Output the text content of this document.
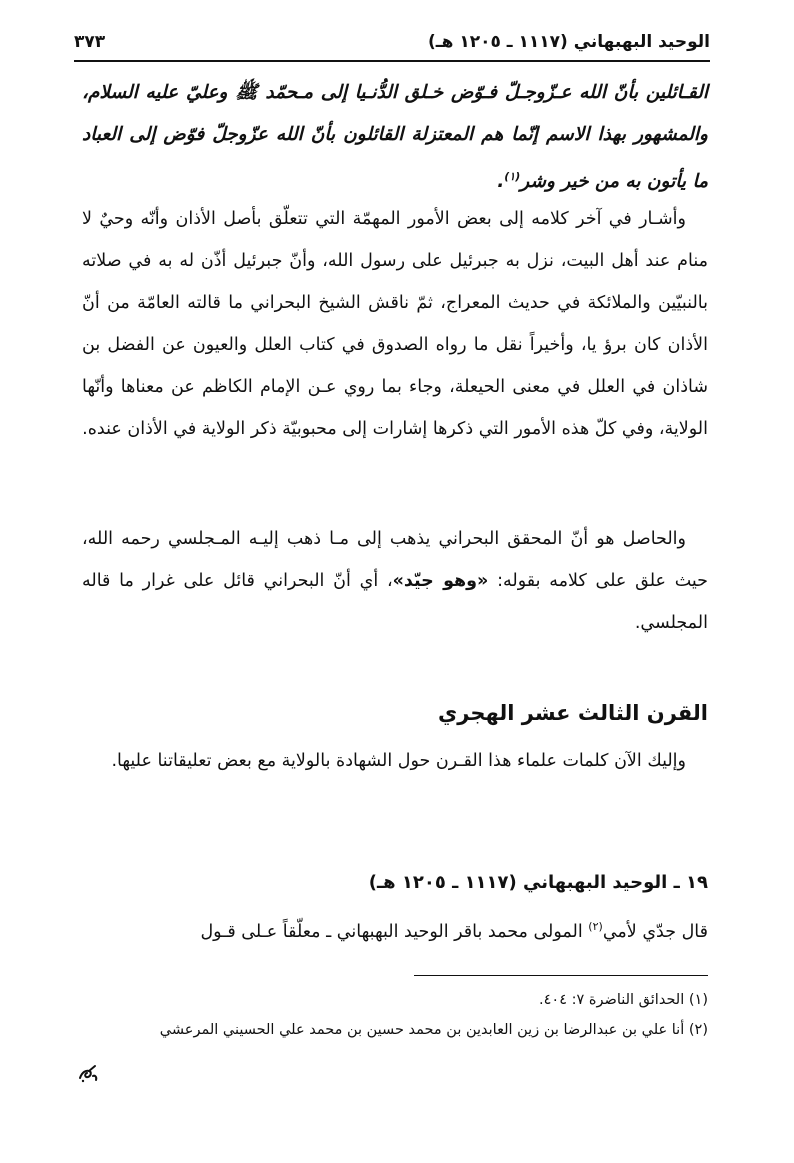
الوحيد البهبهاني (١١١٧ ـ ١٢٠٥ هـ)
٣٧٣
القـائلين بأنّ الله عـزّوجـلّ فـوّض خـلق الدُّنـيا إلى مـحمّد ﷺ وعليّ عليه السلام، والمشهور بهذا الاسم إنّما هم المعتزلة القائلون بأنّ الله عزّوجلّ فوّض إلى العباد ما يأتون به من خير وشر$^{(١)}$.
وأشـار في آخر كلامه إلى بعض الأمور المهمّة التي تتعلّق بأصل الأذان وأنّه وحيٌ لا منام عند أهل البيت، نزل به جبرئيل على رسول الله، وأنّ جبرئيل أذّن له به في صلاته بالنبيّين والملائكة في حديث المعراج، ثمّ ناقش الشيخ البحراني ما قالته العامّة من أنّ الأذان كان برؤ يا، وأخيراً نقل ما رواه الصدوق في كتاب العلل والعيون عن الفضل بن شاذان في العلل في معنى الحيعلة، وجاء بما روي عـن الإمام الكاظم عن معناها وأنّها الولاية، وفي كلّ هذه الأمور التي ذكرها إشارات إلى محبوبيّة ذكر الولاية في الأذان عنده.
والحاصل هو أنّ المحقق البحراني يذهب إلى مـا ذهب إليـه المـجلسي رحمه الله، حيث علق على كلامه بقوله: «وهو جيّد»، أي أنّ البحراني قائل على غرار ما قاله المجلسي.
القرن الثالث عشر الهجري
وإليك الآن كلمات علماء هذا القـرن حول الشهادة بالولاية مع بعض تعليقاتنا عليها.
١٩ ـ الوحيد البهبهاني (١١١٧ ـ ١٢٠٥ هـ)
قال جدّي لأمي$^{(٢)}$ المولى محمد باقر الوحيد البهبهاني ـ معلّقاً عـلى قـول
(١) الحدائق الناضرة ٧: ٤٠٤.
(٢) أنا علي بن عبدالرضا بن زين العابدين بن محمد حسين بن محمد علي الحسيني المرعشي
